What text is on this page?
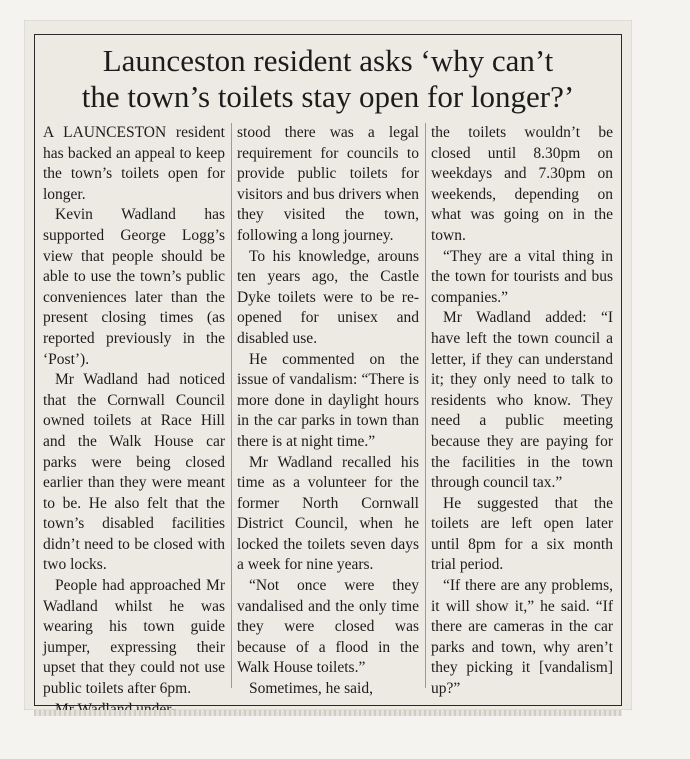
Launceston resident asks ‘why can’t
the town’s toilets stay open for longer?’

A LAUNCESTON resident has backed an appeal to keep the town’s toilets open for longer.

Kevin Wadland has supported George Logg’s view that people should be able to use the town’s public conveniences later than the present closing times (as reported previously in the ‘Post’).

Mr Wadland had noticed that the Cornwall Council owned toilets at Race Hill and the Walk House car parks were being closed earlier than they were meant to be. He also felt that the town’s disabled facilities didn’t need to be closed with two locks.

People had approached Mr Wadland whilst he was wearing his town guide jumper, expressing their upset that they could not use public toilets after 6pm.

stood there was a legal requirement for councils to provide public toilets for visitors and bus drivers when they visited the town, following a long journey.

To his knowledge, arouns ten years ago, the Castle Dyke toilets were to be re-opened for unisex and disabled use.

He commented on the issue of vandalism: “There is more done in daylight hours in the car parks in town than there is at night time.”

Mr Wadland recalled his time as a volunteer for the former North Cornwall District Council, when he locked the toilets seven days a week for nine years.

“Not once were they vandalised and the only time they were closed was because of a flood in the Walk House toilets.”

Sometimes, he said,

the toilets wouldn’t be closed until 8.30pm on weekdays and 7.30pm on weekends, depending on what was going on in the town.

“They are a vital thing in the town for tourists and bus companies.”

Mr Wadland added: “I have left the town council a letter, if they can understand it; they only need to talk to residents who know. They need a public meeting because they are paying for the facilities in the town through council tax.”

He suggested that the toilets are left open later until 8pm for a six month trial period.

“If there are any problems, it will show it,” he said. “If there are cameras in the car parks and town, why aren’t they picking it [vandalism] up?”
